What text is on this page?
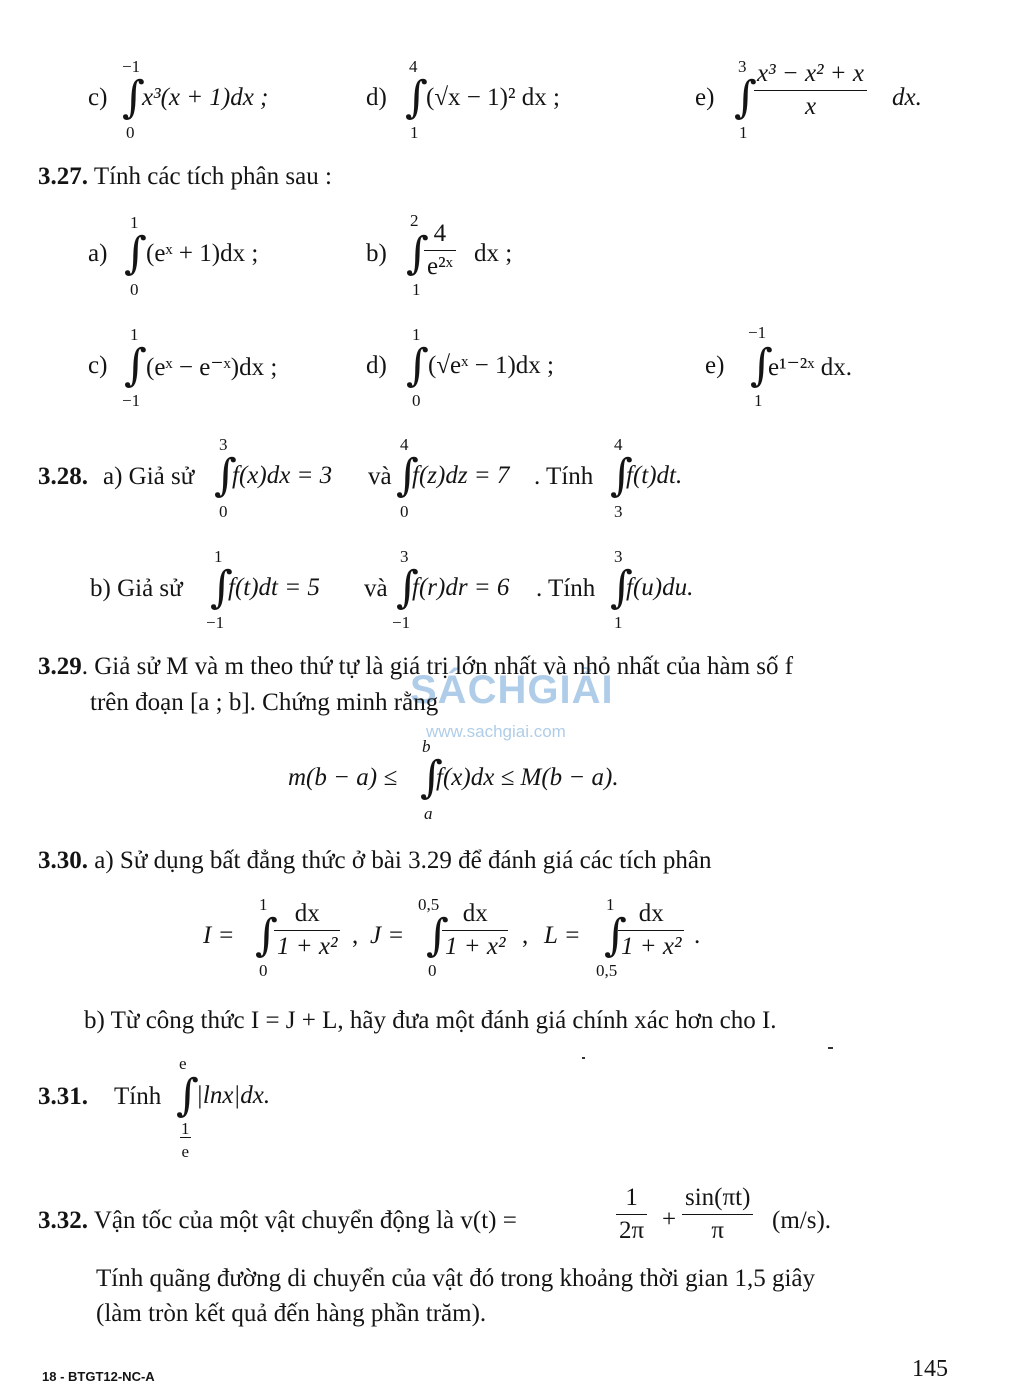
c)
−1
∫
0
x³(x + 1)dx ;	d)
4
∫
1
(√x − 1)² dx ;	e)
3
∫
1
$\frac{\text{x³ − x² + x}}{x}$ dx.
3.27. Tính các tích phân sau :
a)
1
∫
0
(eˣ + 1)dx ;	b)
2
∫
1
$\frac{4}{\text{e²ˣ}}$ dx ;
c)
1
∫
−1
(eˣ − e⁻ˣ)dx ;	d)
1
∫
0
(√eˣ − 1)dx ;	e)
−1
∫
1
e¹⁻²ˣ dx.
3.28. a) Giả sử
3
∫
0
f(x)dx = 3 và
4
∫
0
f(z)dz = 7 . Tính
4
∫
3
f(t)dt.
b) Giả sử
1
∫
−1
f(t)dt = 5 và
3
∫
−1
f(r)dr = 6 . Tính
3
∫
1
f(u)du.
SÁCHGIẢI
www.sachgiai.com
3.29. Giả sử M và m theo thứ tự là giá trị lớn nhất và nhỏ nhất của hàm số f
trên đoạn [a ; b]. Chứng minh rằng
m(b − a) ≤
b
∫
a
f(x)dx ≤ M(b − a).
3.30. a) Sử dụng bất đẳng thức ở bài 3.29 để đánh giá các tích phân
I =
1
∫
0
$\frac{dx}{\text{1 + x²}}$ , J =
0,5
∫
0
$\frac{dx}{\text{1 + x²}}$ , L =
1
∫
0,5
$\frac{dx}{\text{1 + x²}}$ .
b) Từ công thức I = J + L, hãy đưa một đánh giá chính xác hơn cho I.
3.31. Tính
e
∫
$\frac{1}{e}$
|lnx|dx.
3.32. Vận tốc của một vật chuyển động là v(t) =	$\frac{1}{2\pi} + \frac{\sin(\pi t)}{\pi} (m/s)$.
Tính quãng đường di chuyển của vật đó trong khoảng thời gian 1,5 giây
(làm tròn kết quả đến hàng phần trăm).
18 - BTGT12-NC-A	145
